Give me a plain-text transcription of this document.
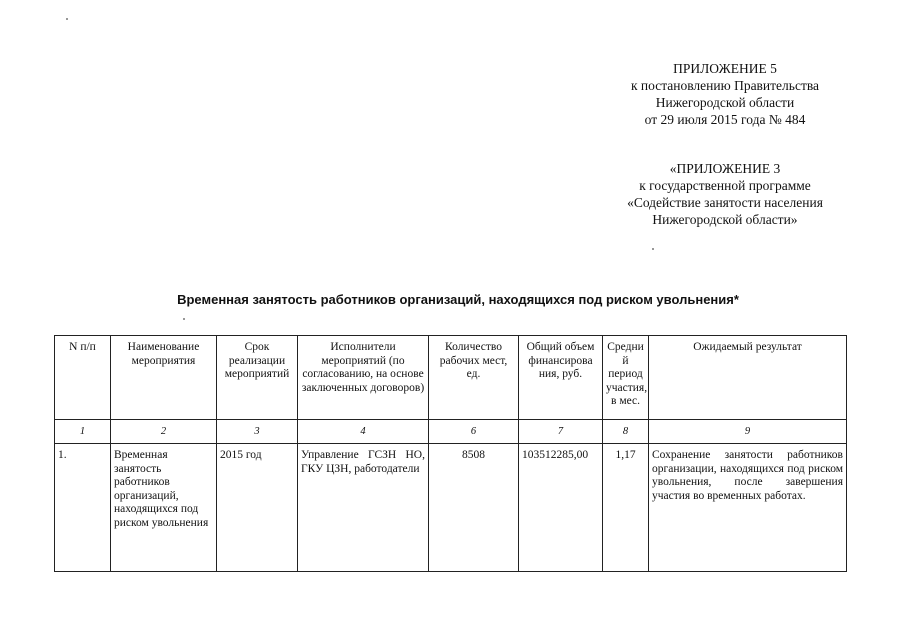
ПРИЛОЖЕНИЕ 5
к постановлению Правительства
Нижегородской области
от 29 июля 2015 года № 484
«ПРИЛОЖЕНИЕ 3
к государственной программе
«Содействие занятости населения
Нижегородской области»
Временная занятость работников организаций, находящихся под риском увольнения*
N п/п	Наименование мероприятия	Срок реализации мероприятий	Исполнители мероприятий (по согласованию, на основе заключенных договоров)	Количество рабочих мест, ед.	Общий объем финансирова ния, руб.	Средни й период участия, в мес.	Ожидаемый результат
1	2	3	4	6	7	8	9
1.	Временная занятость работников организаций, находящихся под риском увольнения	2015 год	Управление ГСЗН НО, ГКУ ЦЗН, работодатели	8508	103512285,00	1,17	Сохранение занятости работников организации, находящихся под риском увольнения, после завершения участия во временных работах.
